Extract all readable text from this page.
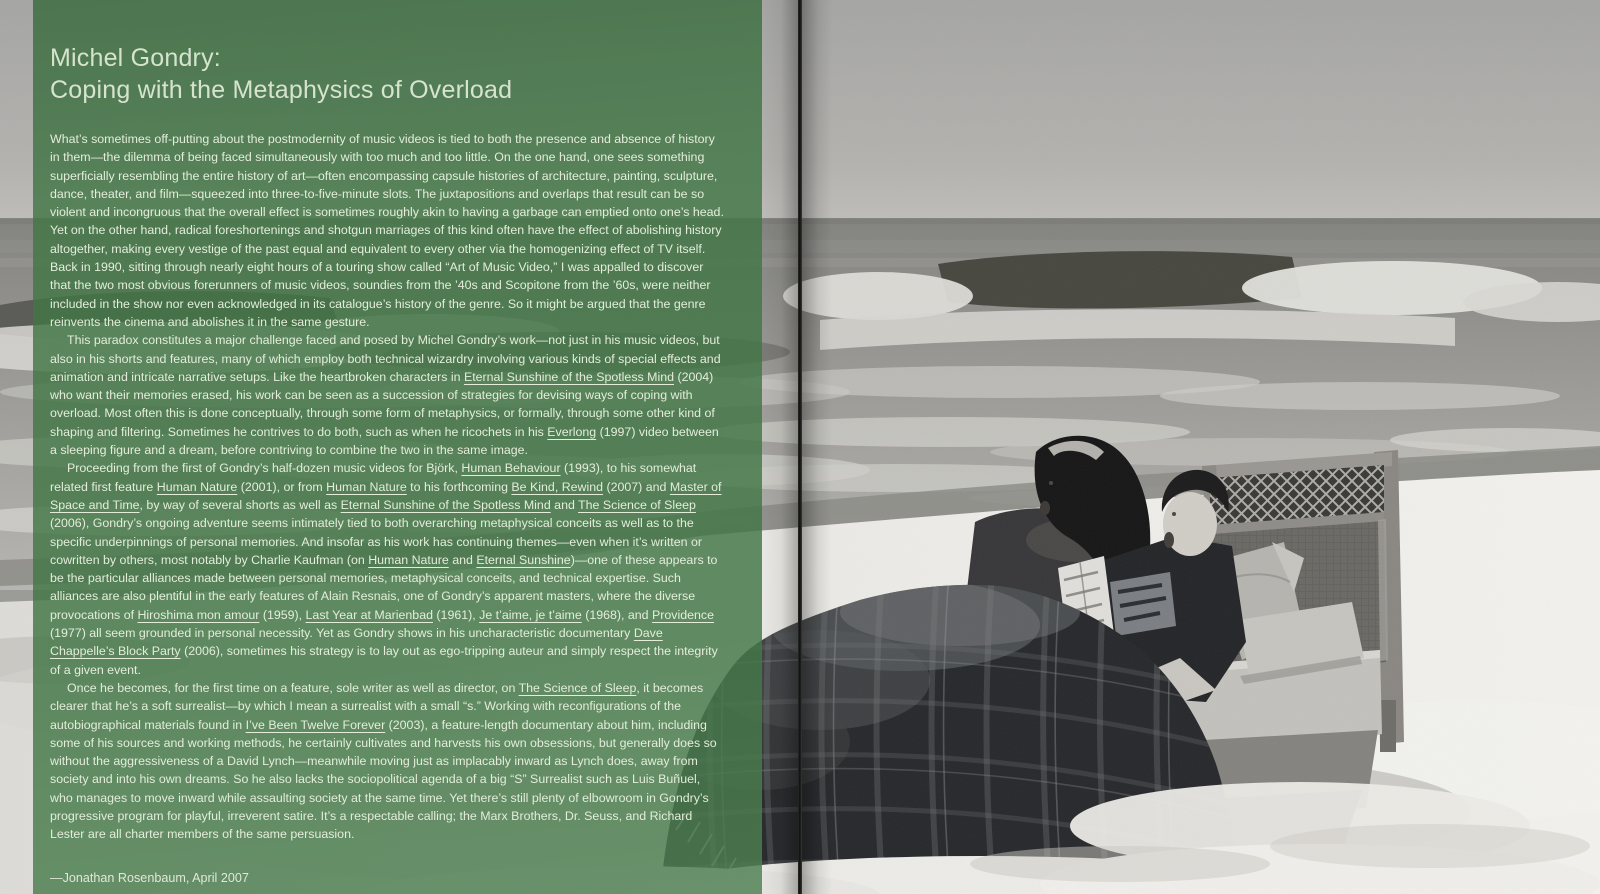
Michel Gondry:
Coping with the Metaphysics of Overload

What’s sometimes off-putting about the postmodernity of music videos is tied to both the presence and absence of history in them—the dilemma of being faced simultaneously with too much and too little. On the one hand, one sees something superficially resembling the entire history of art—often encompassing capsule histories of architecture, painting, sculpture, dance, theater, and film—squeezed into three-to-five-minute slots. The juxtapositions and overlaps that result can be so violent and incongruous that the overall effect is sometimes roughly akin to having a garbage can emptied onto one’s head. Yet on the other hand, radical foreshortenings and shotgun marriages of this kind often have the effect of abolishing history altogether, making every vestige of the past equal and equivalent to every other via the homogenizing effect of TV itself. Back in 1990, sitting through nearly eight hours of a touring show called “Art of Music Video,” I was appalled to discover that the two most obvious forerunners of music videos, soundies from the ’40s and Scopitone from the ’60s, were neither included in the show nor even acknowledged in its catalogue’s history of the genre. So it might be argued that the genre reinvents the cinema and abolishes it in the same gesture.

This paradox constitutes a major challenge faced and posed by Michel Gondry’s work—not just in his music videos, but also in his shorts and features, many of which employ both technical wizardry involving various kinds of special effects and animation and intricate narrative setups. Like the heartbroken characters in Eternal Sunshine of the Spotless Mind (2004) who want their memories erased, his work can be seen as a succession of strategies for devising ways of coping with overload. Most often this is done conceptually, through some form of metaphysics, or formally, through some other kind of shaping and filtering. Sometimes he contrives to do both, such as when he ricochets in his Everlong (1997) video between a sleeping figure and a dream, before contriving to combine the two in the same image.

Proceeding from the first of Gondry’s half-dozen music videos for Björk, Human Behaviour (1993), to his somewhat related first feature Human Nature (2001), or from Human Nature to his forthcoming Be Kind, Rewind (2007) and Master of Space and Time, by way of several shorts as well as Eternal Sunshine of the Spotless Mind and The Science of Sleep (2006), Gondry’s ongoing adventure seems intimately tied to both overarching metaphysical conceits as well as to the specific underpinnings of personal memories. And insofar as his work has continuing themes—even when it’s written or cowritten by others, most notably by Charlie Kaufman (on Human Nature and Eternal Sunshine)—one of these appears to be the particular alliances made between personal memories, metaphysical conceits, and technical expertise. Such alliances are also plentiful in the early features of Alain Resnais, one of Gondry’s apparent masters, where the diverse provocations of Hiroshima mon amour (1959), Last Year at Marienbad (1961), Je t’aime, je t’aime (1968), and Providence (1977) all seem grounded in personal necessity. Yet as Gondry shows in his uncharacteristic documentary Dave Chappelle’s Block Party (2006), sometimes his strategy is to lay out as ego-tripping auteur and simply respect the integrity of a given event.

Once he becomes, for the first time on a feature, sole writer as well as director, on The Science of Sleep, it becomes clearer that he’s a soft surrealist—by which I mean a surrealist with a small “s.” Working with reconfigurations of the autobiographical materials found in I’ve Been Twelve Forever (2003), a feature-length documentary about him, including some of his sources and working methods, he certainly cultivates and harvests his own obsessions, but generally does so without the aggressiveness of a David Lynch—meanwhile moving just as implacably inward as Lynch does, away from society and into his own dreams. So he also lacks the sociopolitical agenda of a big “S” Surrealist such as Luis Buñuel, who manages to move inward while assaulting society at the same time. Yet there’s still plenty of elbowroom in Gondry’s progressive program for playful, irreverent satire. It’s a respectable calling; the Marx Brothers, Dr. Seuss, and Richard Lester are all charter members of the same persuasion.

—Jonathan Rosenbaum, April 2007
